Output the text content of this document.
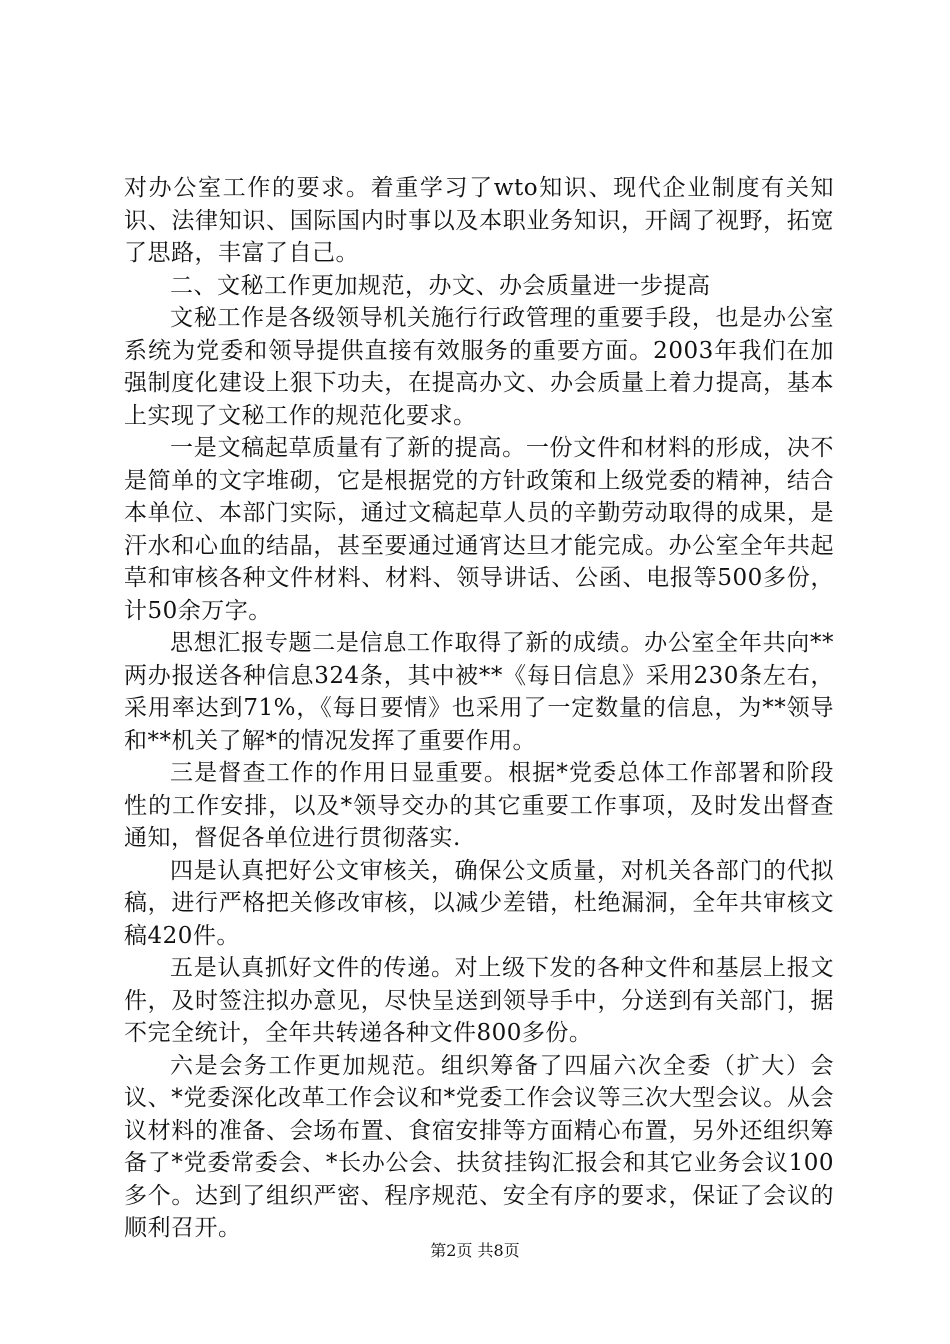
对办公室工作的要求。着重学习了wto知识、现代企业制度有关知识、法律知识、国际国内时事以及本职业务知识，开阔了视野，拓宽了思路，丰富了自己。

二、文秘工作更加规范，办文、办会质量进一步提高

文秘工作是各级领导机关施行行政管理的重要手段，也是办公室系统为党委和领导提供直接有效服务的重要方面。2003年我们在加强制度化建设上狠下功夫，在提高办文、办会质量上着力提高，基本上实现了文秘工作的规范化要求。

一是文稿起草质量有了新的提高。一份文件和材料的形成，决不是简单的文字堆砌，它是根据党的方针政策和上级党委的精神，结合本单位、本部门实际，通过文稿起草人员的辛勤劳动取得的成果，是汗水和心血的结晶，甚至要通过通宵达旦才能完成。办公室全年共起草和审核各种文件材料、材料、领导讲话、公函、电报等500多份，计50余万字。

思想汇报专题二是信息工作取得了新的成绩。办公室全年共向**两办报送各种信息324条，其中被**《每日信息》采用230条左右，采用率达到71%，《每日要情》也采用了一定数量的信息，为**领导和**机关了解*的情况发挥了重要作用。

三是督查工作的作用日显重要。根据*党委总体工作部署和阶段性的工作安排，以及*领导交办的其它重要工作事项，及时发出督查通知，督促各单位进行贯彻落实.

四是认真把好公文审核关，确保公文质量，对机关各部门的代拟稿，进行严格把关修改审核，以减少差错，杜绝漏洞，全年共审核文稿420件。

五是认真抓好文件的传递。对上级下发的各种文件和基层上报文件，及时签注拟办意见，尽快呈送到领导手中，分送到有关部门，据不完全统计，全年共转递各种文件800多份。

六是会务工作更加规范。组织筹备了四届六次全委（扩大）会议、*党委深化改革工作会议和*党委工作会议等三次大型会议。从会议材料的准备、会场布置、食宿安排等方面精心布置，另外还组织筹备了*党委常委会、*长办公会、扶贫挂钩汇报会和其它业务会议100多个。达到了组织严密、程序规范、安全有序的要求，保证了会议的顺利召开。

第2页 共8页
